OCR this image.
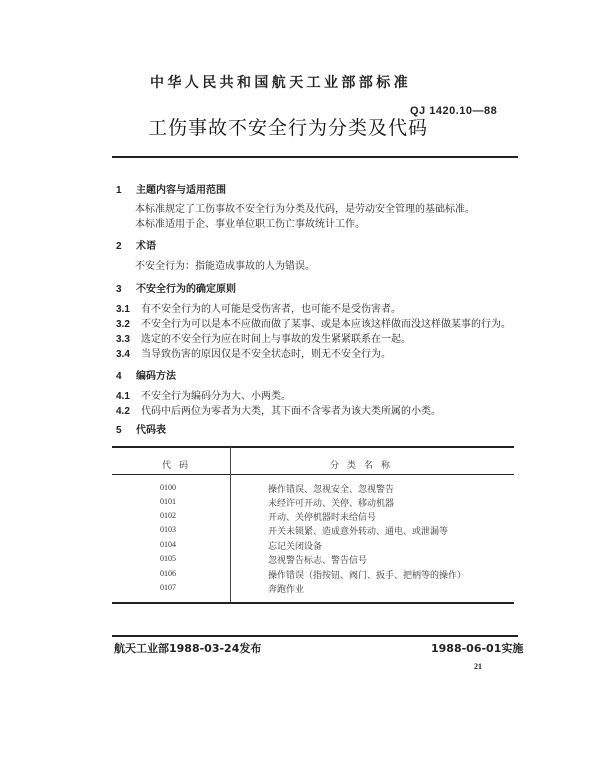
中华人民共和国航天工业部部标准
QJ 1420.10—88
工伤事故不安全行为分类及代码
1 主题内容与适用范围
本标准规定了工伤事故不安全行为分类及代码，是劳动安全管理的基础标准。
本标准适用于企、事业单位职工伤亡事故统计工作。
2 术语
不安全行为：指能造成事故的人为错误。
3 不安全行为的确定原则
3.1 有不安全行为的人可能是受伤害者，也可能不是受伤害者。
3.2 不安全行为可以是本不应做而做了某事、或是本应该这样做而没这样做某事的行为。
3.3 选定的不安全行为应在时间上与事故的发生紧紧联系在一起。
3.4 当导致伤害的原因仅是不安全状态时，则无不安全行为。
4 编码方法
4.1 不安全行为编码分为大、小两类。
4.2 代码中后两位为零者为大类，其下面不含零者为该大类所属的小类。
5 代码表
代码	分类名称
0100	操作错误、忽视安全、忽视警告
0101	未经许可开动、关停、移动机器
0102	开动、关停机器时未给信号
0103	开关未锁紧、造成意外转动、通电、或泄漏等
0104	忘记关闭设备
0105	忽视警告标志、警告信号
0106	操作错误（指按钮、阀门、扳手、把柄等的操作）
0107	奔跑作业
航天工业部1988-03-24发布	1988-06-01实施
21
